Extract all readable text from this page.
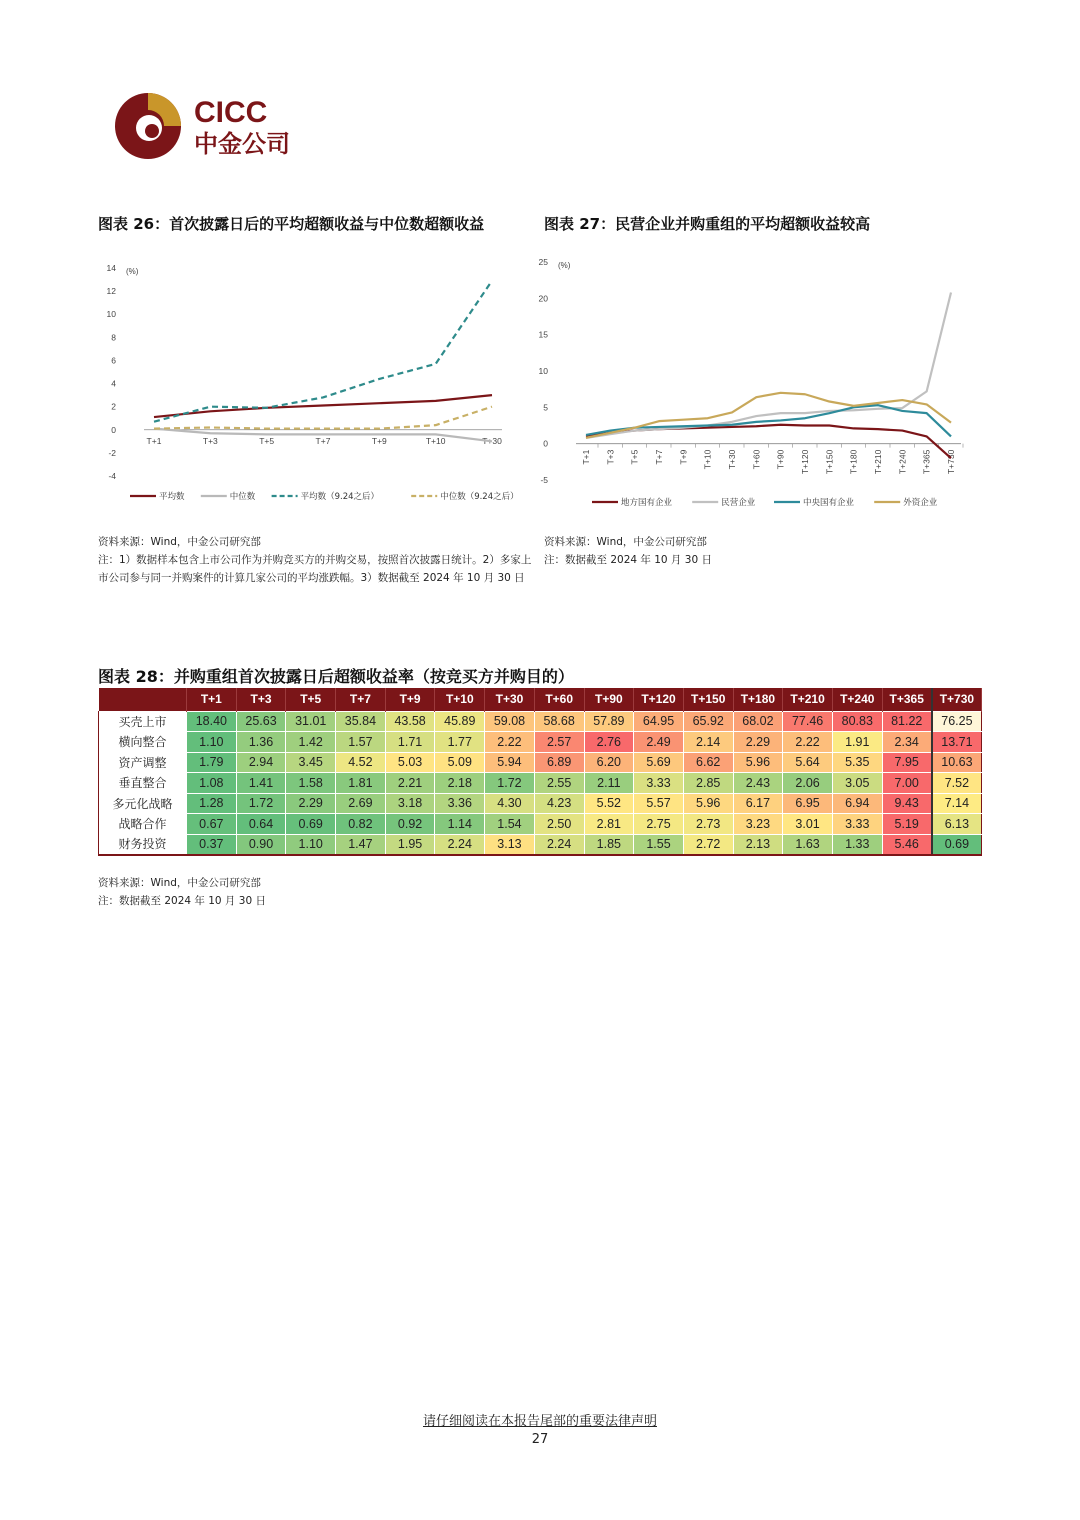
CICC
中金公司
图表 26：首次披露日后的平均超额收益与中位数超额收益	图表 27：民营企业并购重组的平均超额收益较高
-4
-2
0
2
4
6
8
10
12
14 (%)
T+1	T+3	T+5	T+7	T+9	T+10	T+30
平均数	中位数	平均数（9.24之后）	中位数（9.24之后）
-5
0
5
10
15
20
25 (%)
T+1 T+3 T+5 T+7 T+9 T+10 T+30 T+60 T+90 T+120 T+150 T+180 T+210 T+240 T+365 T+730
地方国有企业	民营企业	中央国有企业	外资企业
资料来源：Wind，中金公司研究部
注：1）数据样本包含上市公司作为并购竞买方的并购交易，按照首次披露日统计。2）多家上市公司参与同一并购案件的计算几家公司的平均涨跌幅。3）数据截至 2024 年 10 月 30 日
资料来源：Wind，中金公司研究部
注：数据截至 2024 年 10 月 30 日
图表 28：并购重组首次披露日后超额收益率（按竞买方并购目的）
	T+1	T+3	T+5	T+7	T+9	T+10	T+30	T+60	T+90	T+120	T+150	T+180	T+210	T+240	T+365	T+730
买壳上市	18.40	25.63	31.01	35.84	43.58	45.89	59.08	58.68	57.89	64.95	65.92	68.02	77.46	80.83	81.22	76.25
横向整合	1.10	1.36	1.42	1.57	1.71	1.77	2.22	2.57	2.76	2.49	2.14	2.29	2.22	1.91	2.34	13.71
资产调整	1.79	2.94	3.45	4.52	5.03	5.09	5.94	6.89	6.20	5.69	6.62	5.96	5.64	5.35	7.95	10.63
垂直整合	1.08	1.41	1.58	1.81	2.21	2.18	1.72	2.55	2.11	3.33	2.85	2.43	2.06	3.05	7.00	7.52
多元化战略	1.28	1.72	2.29	2.69	3.18	3.36	4.30	4.23	5.52	5.57	5.96	6.17	6.95	6.94	9.43	7.14
战略合作	0.67	0.64	0.69	0.82	0.92	1.14	1.54	2.50	2.81	2.75	2.73	3.23	3.01	3.33	5.19	6.13
财务投资	0.37	0.90	1.10	1.47	1.95	2.24	3.13	2.24	1.85	1.55	2.72	2.13	1.63	1.33	5.46	0.69
资料来源：Wind，中金公司研究部
注：数据截至 2024 年 10 月 30 日
请仔细阅读在本报告尾部的重要法律声明
27
